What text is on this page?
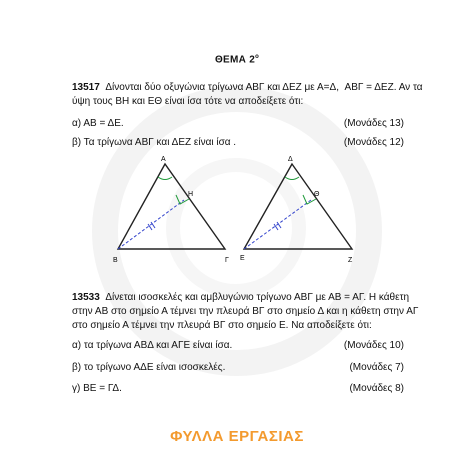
ΘΕΜΑ $2^o$
13517 Δίνονται δύο οξυγώνια τρίγωνα ΑΒΓ και ΔΕΖ με Α=Δ, ΑΒΓ = ΔΕΖ. Αν τα
ύψη τους ΒΗ και ΕΘ είναι ίσα τότε να αποδείξετε ότι:
α) ΑΒ = ΔΕ.	(Μονάδες 13)
β) Τα τρίγωνα ΑΒΓ και ΔΕΖ είναι ίσα .	(Μονάδες 12)
Α
Β	Γ
Η
Δ
Ε	Ζ
Θ
13533 Δίνεται ισοσκελές και αμβλυγώνιο τρίγωνο ΑΒΓ με ΑΒ = ΑΓ. Η κάθετη
στην ΑΒ στο σημείο Α τέμνει την πλευρά ΒΓ στο σημείο Δ και η κάθετη στην ΑΓ
στο σημείο Α τέμνει την πλευρά ΒΓ στο σημείο Ε. Να αποδείξετε ότι:
α) τα τρίγωνα ΑΒΔ και ΑΓΕ είναι ίσα.	(Μονάδες 10)
β) το τρίγωνο ΑΔΕ είναι ισοσκελές.	(Μονάδες 7)
γ) ΒΕ = ΓΔ.	(Μονάδες 8)
ΦΥΛΛΑ ΕΡΓΑΣΙΑΣ
